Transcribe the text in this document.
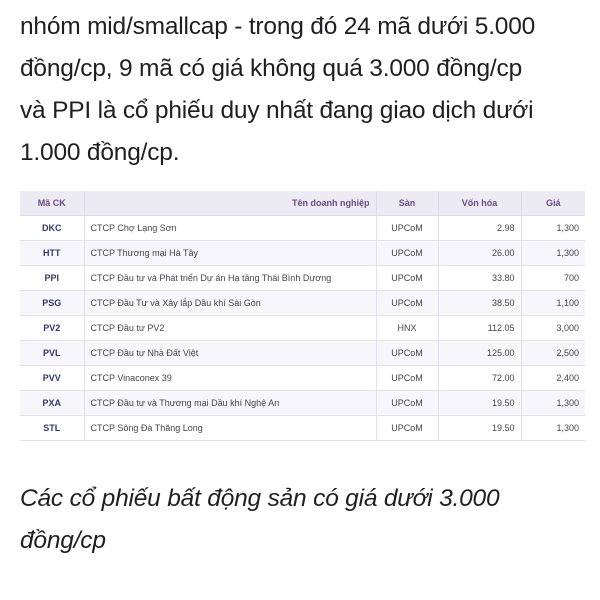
nhóm mid/smallcap - trong đó 24 mã dưới 5.000
đồng/cp, 9 mã có giá không quá 3.000 đồng/cp
và PPI là cổ phiếu duy nhất đang giao dịch dưới
1.000 đồng/cp.

Mã CK	Tên doanh nghiệp	Sàn	Vốn hóa	Giá
DKC	CTCP Chợ Lạng Sơn	UPCoM	2.98	1,300
HTT	CTCP Thương mại Hà Tây	UPCoM	26.00	1,300
PPI	CTCP Đầu tư và Phát triển Dự án Hạ tầng Thái Bình Dương	UPCoM	33.80	700
PSG	CTCP Đầu Tư và Xây lắp Dầu khí Sài Gòn	UPCoM	38.50	1,100
PV2	CTCP Đầu tư PV2	HNX	112.05	3,000
PVL	CTCP Đầu tư Nhà Đất Việt	UPCoM	125.00	2,500
PVV	CTCP Vinaconex 39	UPCoM	72.00	2,400
PXA	CTCP Đầu tư và Thương mại Dầu khí Nghệ An	UPCoM	19.50	1,300
STL	CTCP Sông Đà Thăng Long	UPCoM	19.50	1,300

Các cổ phiếu bất động sản có giá dưới 3.000
đồng/cp
